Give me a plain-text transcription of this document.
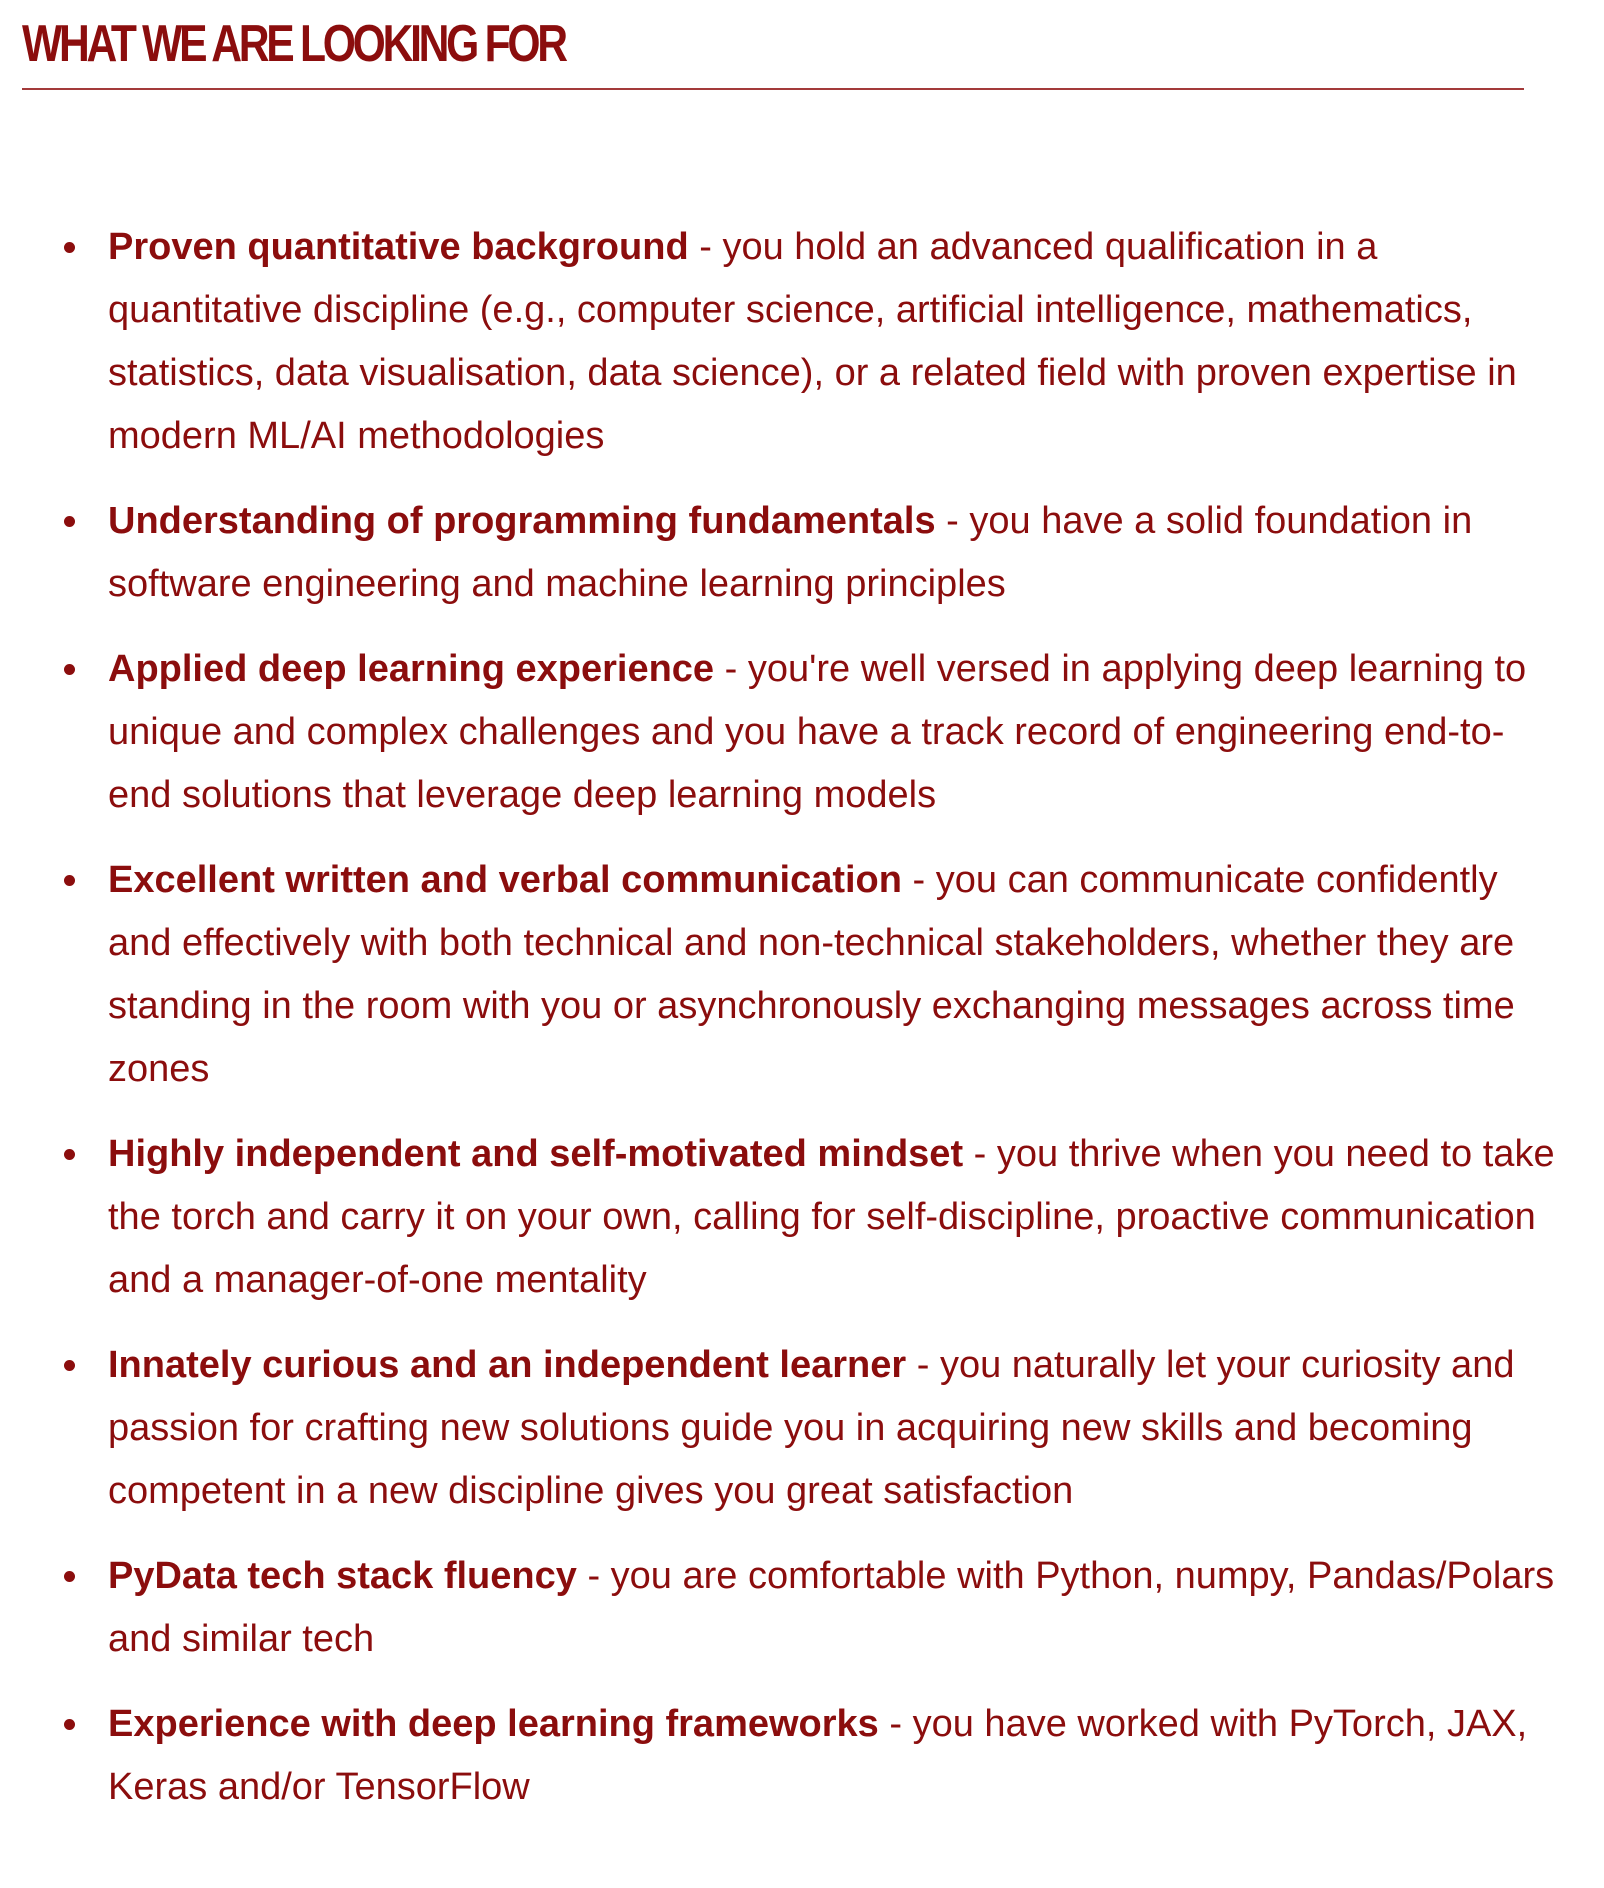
WHAT WE ARE LOOKING FOR
Proven quantitative background - you hold an advanced qualification in a quantitative discipline (e.g., computer science, artificial intelligence, mathematics, statistics, data visualisation, data science), or a related field with proven expertise in modern ML/AI methodologies
Understanding of programming fundamentals - you have a solid foundation in software engineering and machine learning principles
Applied deep learning experience - you're well versed in applying deep learning to unique and complex challenges and you have a track record of engineering end-to-end solutions that leverage deep learning models
Excellent written and verbal communication - you can communicate confidently and effectively with both technical and non-technical stakeholders, whether they are standing in the room with you or asynchronously exchanging messages across time zones
Highly independent and self-motivated mindset - you thrive when you need to take the torch and carry it on your own, calling for self-discipline, proactive communication and a manager-of-one mentality
Innately curious and an independent learner - you naturally let your curiosity and passion for crafting new solutions guide you in acquiring new skills and becoming competent in a new discipline gives you great satisfaction
PyData tech stack fluency - you are comfortable with Python, numpy, Pandas/Polars and similar tech
Experience with deep learning frameworks - you have worked with PyTorch, JAX, Keras and/or TensorFlow
